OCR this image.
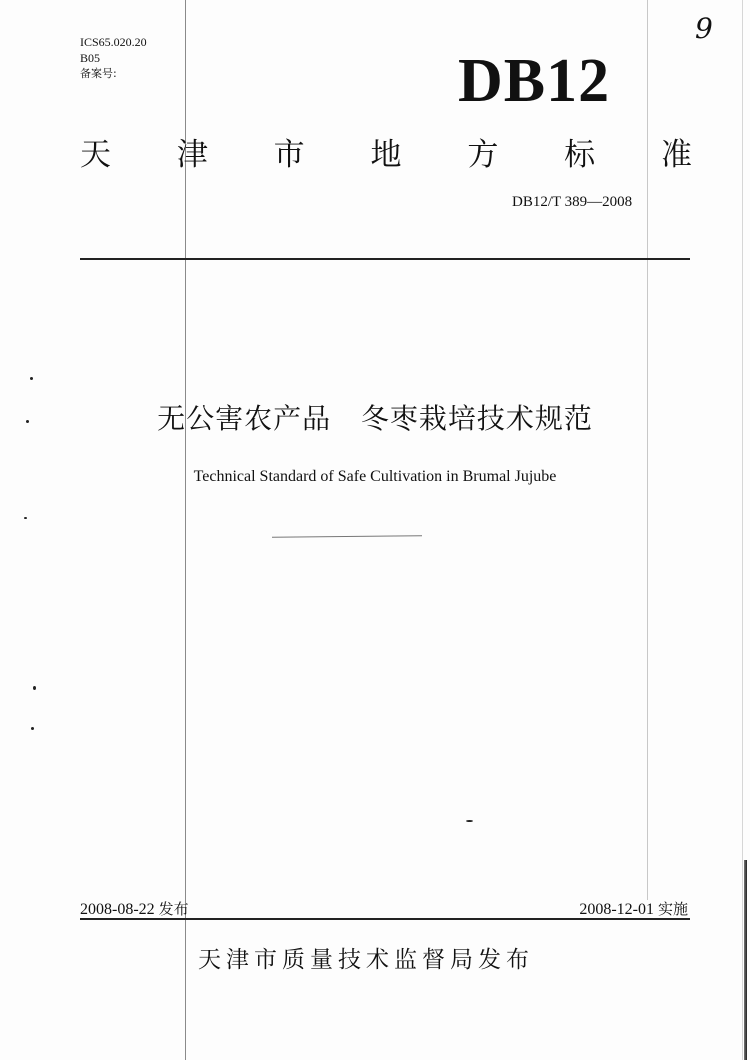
ICS65.020.20
B05
备案号:
9
DB12
天 津 市 地 方 标 准
DB12/T 389—2008
无公害农产品   冬枣栽培技术规范
Technical Standard of Safe Cultivation in Brumal Jujube
2008-08-22 发布	2008-12-01 实施
天津市质量技术监督局发布
